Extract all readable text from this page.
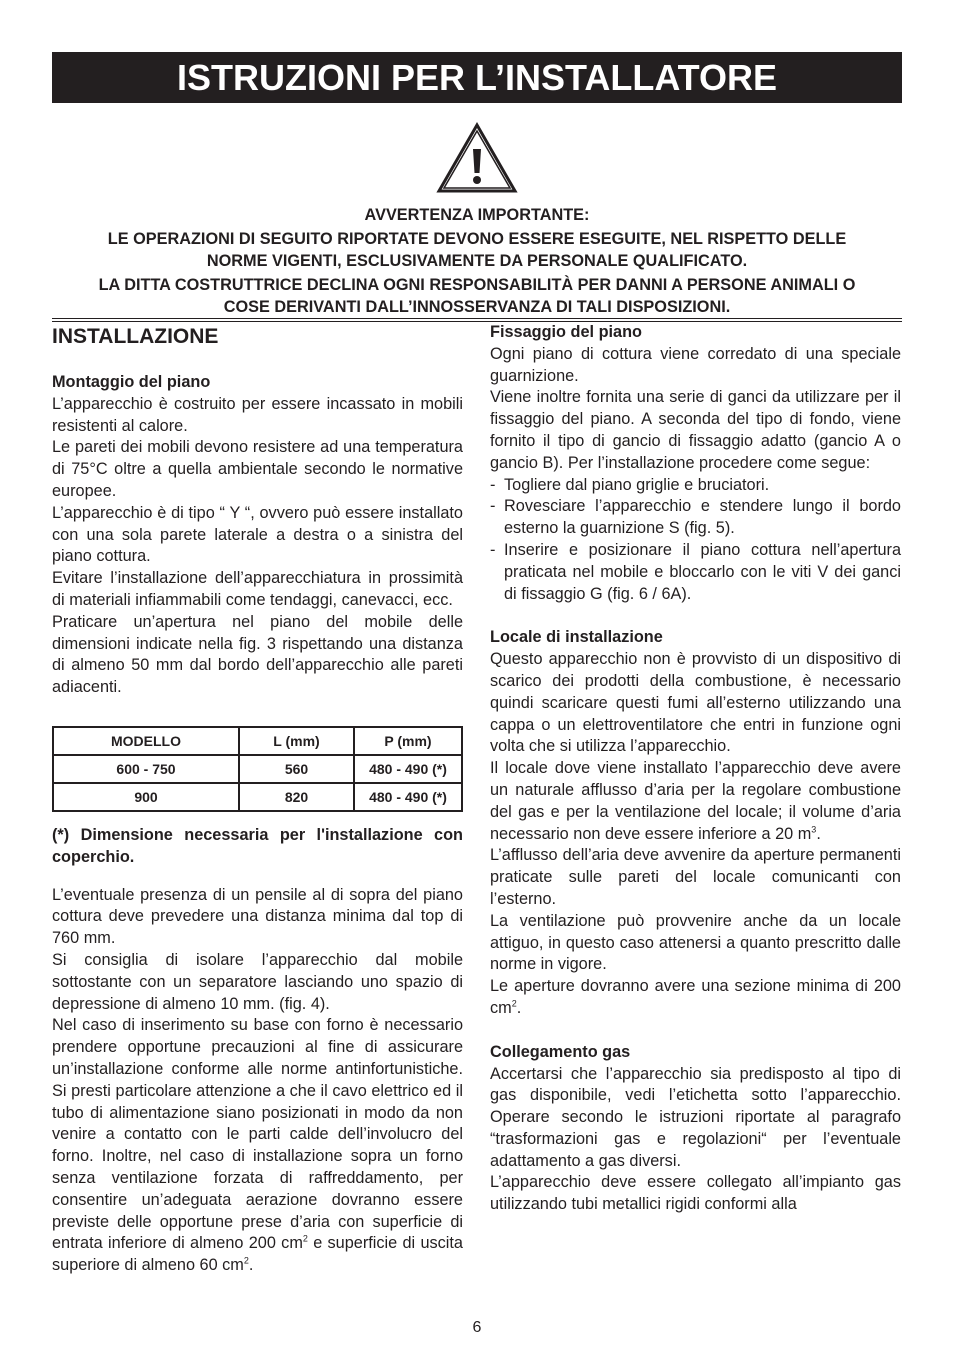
ISTRUZIONI PER L’INSTALLATORE
AVVERTENZA IMPORTANTE:
LE OPERAZIONI DI SEGUITO RIPORTATE DEVONO ESSERE ESEGUITE, NEL RISPETTO DELLE
NORME VIGENTI, ESCLUSIVAMENTE DA PERSONALE QUALIFICATO.
LA DITTA COSTRUTTRICE DECLINA OGNI RESPONSABILITÀ PER DANNI A PERSONE ANIMALI O
COSE DERIVANTI DALL’INNOSSERVANZA DI TALI DISPOSIZIONI.
INSTALLAZIONE

Montaggio del piano

L’apparecchio è costruito per essere incassato in mobili resistenti al calore.

Le pareti dei mobili devono resistere ad una temperatura di 75°C oltre a quella ambientale secondo le normative europee.

L’apparecchio è di tipo “ Y “, ovvero può essere installato con una sola parete laterale a destra o a sinistra del piano cottura.

Evitare l’installazione dell’apparecchiatura in prossimità di materiali infiammabili come tendaggi, canevacci, ecc.

Praticare un’apertura nel piano del mobile delle dimensioni indicate nella fig. 3 rispettando una distanza di almeno 50 mm dal bordo dell’apparecchio alle pareti adiacenti.

MODELLO	L (mm)	P (mm)
600 - 750	560	480 - 490 (*)
900	820	480 - 490 (*)

(*) Dimensione necessaria per l'installazione con coperchio.

L’eventuale presenza di un pensile al di sopra del piano cottura deve prevedere una distanza minima dal top di 760 mm.

Si consiglia di isolare l’apparecchio dal mobile sottostante con un separatore lasciando uno spazio di depressione di almeno 10 mm. (fig. 4).

Nel caso di inserimento su base con forno è necessario prendere opportune precauzioni al fine di assicurare un’installazione conforme alle norme antinfortunistiche. Si presti particolare attenzione a che il cavo elettrico ed il tubo di alimentazione siano posizionati in modo da non venire a contatto con le parti calde dell’involucro del forno. Inoltre, nel caso di installazione sopra un forno senza ventilazione forzata di raffreddamento, per consentire un’adeguata aerazione dovranno essere previste delle opportune prese d’aria con superficie di entrata inferiore di almeno 200 $cm^2$ e superficie di uscita superiore di almeno 60 $cm^2$.

Fissaggio del piano

Ogni piano di cottura viene corredato di una speciale guarnizione.

Viene inoltre fornita una serie di ganci da utilizzare per il fissaggio del piano. A seconda del tipo di fondo, viene fornito il tipo di gancio di fissaggio adatto (gancio A o gancio B). Per l’installazione procedere come segue:

- Togliere dal piano griglie e bruciatori.
- Rovesciare l’apparecchio e stendere lungo il bordo esterno la guarnizione S (fig. 5).
- Inserire e posizionare il piano cottura nell’apertura praticata nel mobile e bloccarlo con le viti V dei ganci di fissaggio G (fig. 6 / 6A).

Locale di installazione

Questo apparecchio non è provvisto di un dispositivo di scarico dei prodotti della combustione, è necessario quindi scaricare questi fumi all’esterno utilizzando una cappa o un elettroventilatore che entri in funzione ogni volta che si utilizza l’apparecchio.

Il locale dove viene installato l’apparecchio deve avere un naturale afflusso d’aria per la regolare combustione del gas e per la ventilazione del locale; il volume d’aria necessario non deve essere inferiore a 20 $m^3$.

L’afflusso dell’aria deve avvenire da aperture permanenti praticate sulle pareti del locale comunicanti con l’esterno.

La ventilazione può provvenire anche da un locale attiguo, in questo caso attenersi a quanto prescritto dalle norme in vigore.

Le aperture dovranno avere una sezione minima di 200 $cm^2$.

Collegamento gas

Accertarsi che l’apparecchio sia predisposto al tipo di gas disponibile, vedi l’etichetta sotto l’apparecchio. Operare secondo le istruzioni riportate al paragrafo “trasformazioni gas e regolazioni“ per l’eventuale adattamento a gas diversi.

L’apparecchio deve essere collegato all’impianto gas utilizzando tubi metallici rigidi conformi alla

6
